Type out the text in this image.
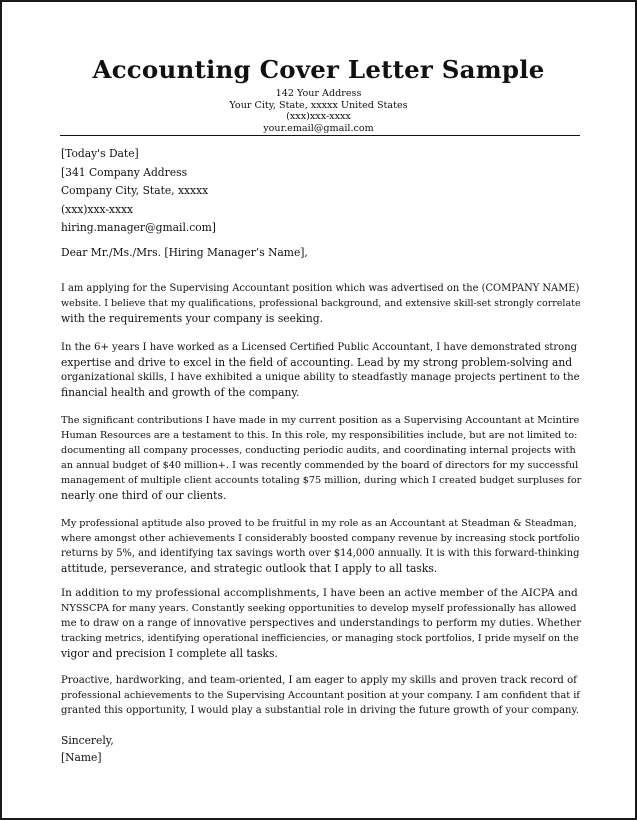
Accounting Cover Letter Sample
142 Your Address
Your City, State, xxxxx United States
(xxx)xxx-xxxx
your.email@gmail.com
[Today's Date]
[341 Company Address
Company City, State, xxxxx
(xxx)xxx-xxxx
hiring.manager@gmail.com]
Dear Mr./Ms./Mrs. [Hiring Manager’s Name],
I am applying for the Supervising Accountant position which was advertised on the (COMPANY NAME)
website. I believe that my qualifications, professional background, and extensive skill-set strongly correlate
with the requirements your company is seeking.
In the 6+ years I have worked as a Licensed Certified Public Accountant, I have demonstrated strong
expertise and drive to excel in the field of accounting. Lead by my strong problem-solving and
organizational skills, I have exhibited a unique ability to steadfastly manage projects pertinent to the
financial health and growth of the company.
The significant contributions I have made in my current position as a Supervising Accountant at Mcintire
Human Resources are a testament to this. In this role, my responsibilities include, but are not limited to:
documenting all company processes, conducting periodic audits, and coordinating internal projects with
an annual budget of $40 million+. I was recently commended by the board of directors for my successful
management of multiple client accounts totaling $75 million, during which I created budget surpluses for
nearly one third of our clients.
My professional aptitude also proved to be fruitful in my role as an Accountant at Steadman & Steadman,
where amongst other achievements I considerably boosted company revenue by increasing stock portfolio
returns by 5%, and identifying tax savings worth over $14,000 annually. It is with this forward-thinking
attitude, perseverance, and strategic outlook that I apply to all tasks.
In addition to my professional accomplishments, I have been an active member of the AICPA and
NYSSCPA for many years. Constantly seeking opportunities to develop myself professionally has allowed
me to draw on a range of innovative perspectives and understandings to perform my duties. Whether
tracking metrics, identifying operational inefficiencies, or managing stock portfolios, I pride myself on the
vigor and precision I complete all tasks.
Proactive, hardworking, and team-oriented, I am eager to apply my skills and proven track record of
professional achievements to the Supervising Accountant position at your company. I am confident that if
granted this opportunity, I would play a substantial role in driving the future growth of your company.
Sincerely,
[Name]
